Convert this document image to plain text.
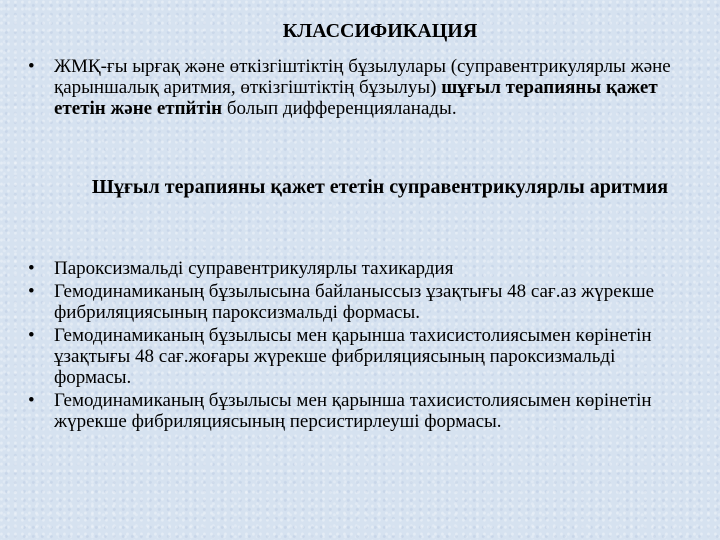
КЛАССИФИКАЦИЯ

• ЖМҚ-ғы ырғақ және өткізгіштіктің бұзылулары (суправентрикулярлы және қарыншалық аритмия, өткізгіштіктің бұзылуы) шұғыл терапияны қажет ететін және етпйтін болып дифференцияланады.

Шұғыл терапияны қажет ететін суправентрикулярлы аритмия

• Пароксизмальді суправентрикулярлы тахикардия

• Гемодинамиканың бұзылысына байланыссыз ұзақтығы 48 сағ.аз жүрекше фибриляциясының пароксизмальді формасы.

• Гемодинамиканың бұзылысы мен қарынша тахисистолиясымен көрінетін ұзақтығы 48 сағ.жоғары жүрекше фибриляциясының пароксизмальді формасы.

• Гемодинамиканың бұзылысы мен қарынша тахисистолиясымен көрінетін жүрекше фибриляциясының персистирлеуші формасы.
